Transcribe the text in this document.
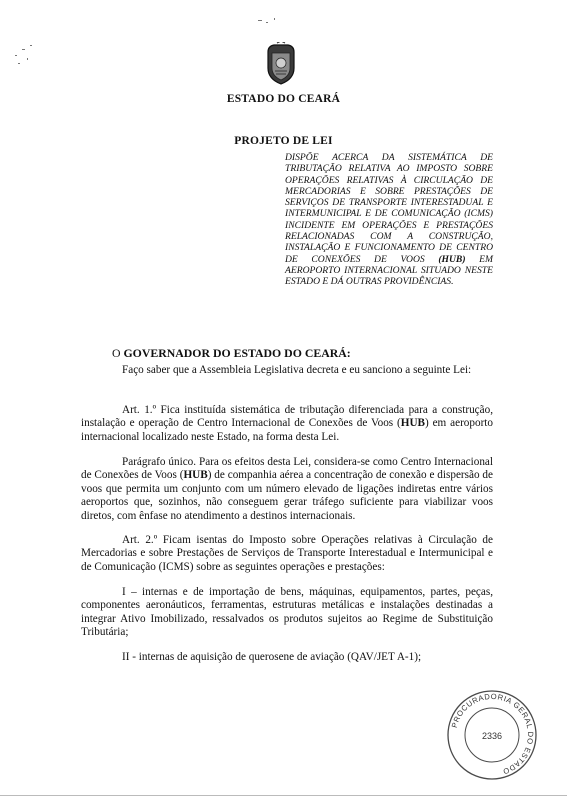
ESTADO DO CEARÁ
PROJETO DE LEI
DISPÕE ACERCA DA SISTEMÁTICA DE TRIBUTAÇÃO RELATIVA AO IMPOSTO SOBRE OPERAÇÕES RELATIVAS À CIRCULAÇÃO DE MERCADORIAS E SOBRE PRESTAÇÕES DE SERVIÇOS DE TRANSPORTE INTERESTADUAL E INTERMUNICIPAL E DE COMUNICAÇÃO (ICMS) INCIDENTE EM OPERAÇÕES E PRESTAÇÕES RELACIONADAS COM A CONSTRUÇÃO, INSTALAÇÃO E FUNCIONAMENTO DE CENTRO DE CONEXÕES DE VOOS (HUB) EM AEROPORTO INTERNACIONAL SITUADO NESTE ESTADO E DÁ OUTRAS PROVIDÊNCIAS.
O GOVERNADOR DO ESTADO DO CEARÁ:

Faço saber que a Assembleia Legislativa decreta e eu sanciono a seguinte Lei:

Art. 1.º Fica instituída sistemática de tributação diferenciada para a construção, instalação e operação de Centro Internacional de Conexões de Voos (HUB) em aeroporto internacional localizado neste Estado, na forma desta Lei.

Parágrafo único. Para os efeitos desta Lei, considera-se como Centro Internacional de Conexões de Voos (HUB) de companhia aérea a concentração de conexão e dispersão de voos que permita um conjunto com um número elevado de ligações indiretas entre vários aeroportos que, sozinhos, não conseguem gerar tráfego suficiente para viabilizar voos diretos, com ênfase no atendimento a destinos internacionais.

Art. 2.º Ficam isentas do Imposto sobre Operações relativas à Circulação de Mercadorias e sobre Prestações de Serviços de Transporte Interestadual e Intermunicipal e de Comunicação (ICMS) sobre as seguintes operações e prestações:

I – internas e de importação de bens, máquinas, equipamentos, partes, peças, componentes aeronáuticos, ferramentas, estruturas metálicas e instalações destinadas a integrar Ativo Imobilizado, ressalvados os produtos sujeitos ao Regime de Substituição Tributária;

II - internas de aquisição de querosene de aviação (QAV/JET A-1);

PROCURADORIA GERAL DO ESTADO
2336
